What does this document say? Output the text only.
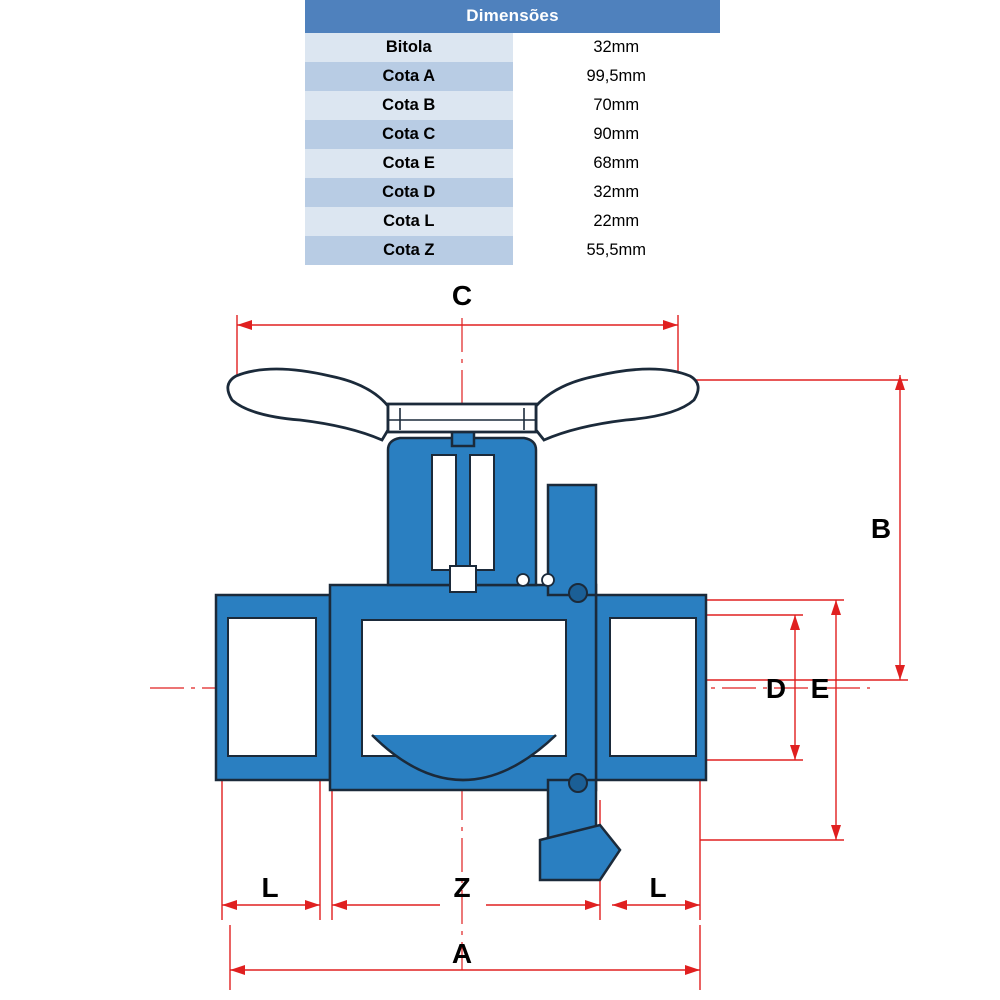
Dimensões	
Bitola	32mm
Cota A	99,5mm
Cota B	70mm
Cota C	90mm
Cota E	68mm
Cota D	32mm
Cota L	22mm
Cota Z	55,5mm
C
B
E
D
L	Z	L
A
